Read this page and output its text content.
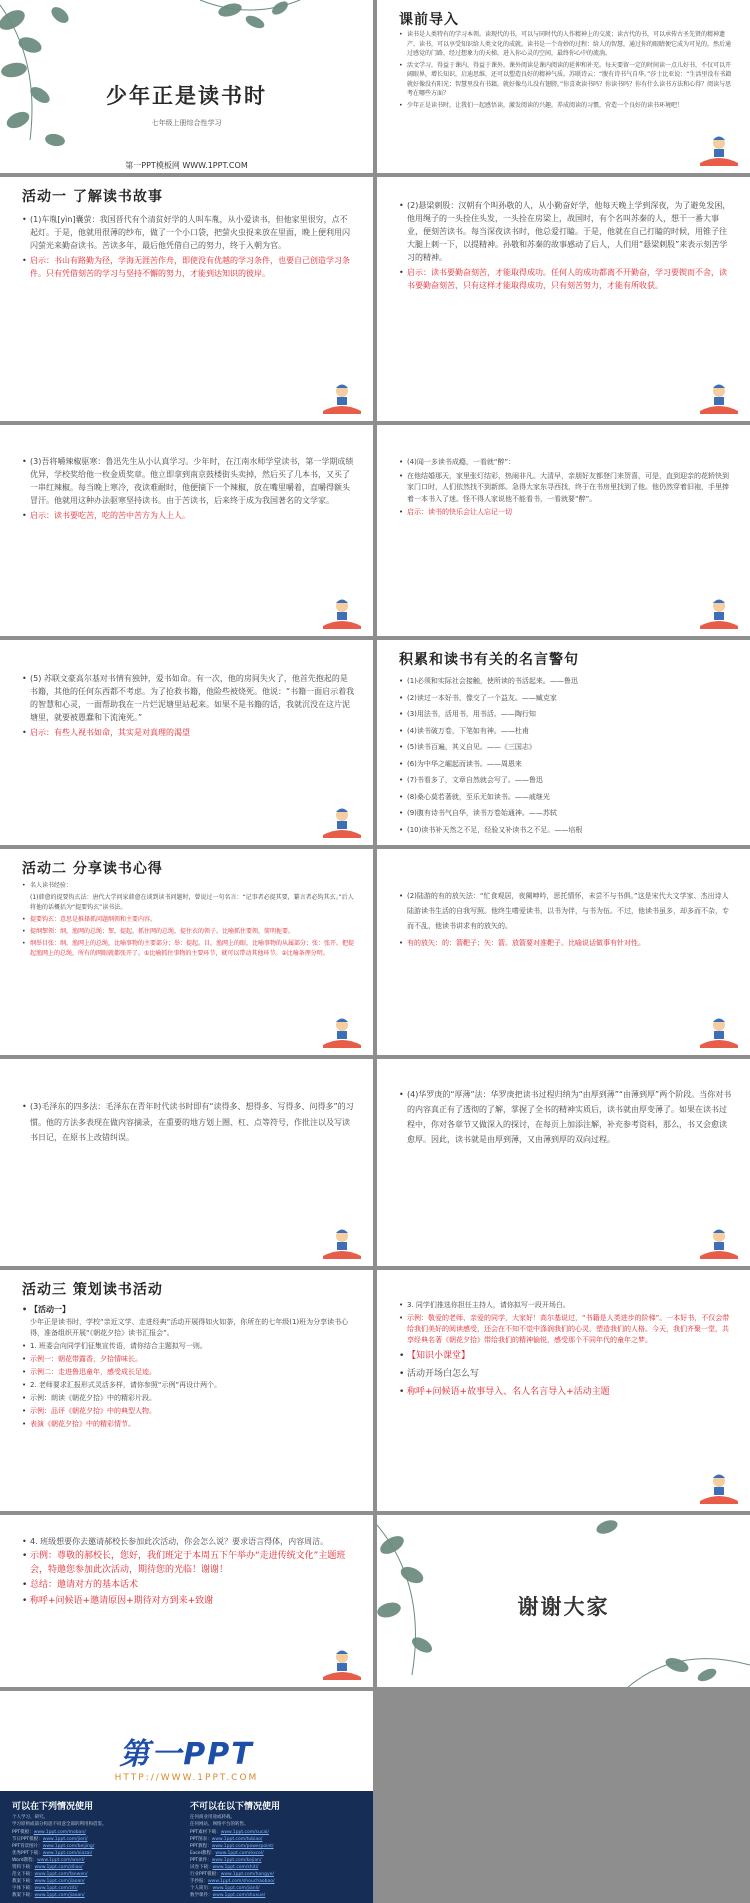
少年正是读书时
七年级上册综合性学习
第一PPT模板网 WWW.1PPT.COM
课前导入
• 读书是人类特有的学习本领。读现代的书，可以与同时代的人作精神上的交流；读古代的书，可以承传古圣先贤的精神遗产。读书，可以享受知识给人类文化的成就。读书是一个奇妙的过程：给人的智慧，通过你的眼睛便它成为可见的，然后通过感觉的门路，经过想象力的天梯，进入你心灵的空间，最终你心中的流淌。
• 活文学习，得益于课内，得益于课外。课外阅读是课内阅读的延伸和补充。每天要留一定的时间读一点儿好书，不仅可以开阔眼界，增长知识，启迪思维，还可以塑造良好的精神气质。苏联诗云：“腹有诗书气自华。”莎士比亚说：“生活里没有书籍就好像没有阳光；智慧里没有书籍，就好像鸟儿没有翅膀。”你喜欢读书吗？你读书吗？你有什么读书方法和心得？阅读与思考在哪些方面？
• 少年正是读书时，让我们一起感悟读，激发阅读的兴趣，养成阅读的习惯，营造一个良好的读书环境吧！
活动一 了解读书故事
• (1)车胤[yìn]囊萤：我国晋代有个清贫好学的人叫车胤，从小爱读书，但他家里很穷，点不起灯。于是，他就用很薄的纱布，做了一个小口袋，把萤火虫捉来放在里面，晚上便利用闪闪萤光来勤奋读书。苦读多年，最后他凭借自己的努力，终于入朝为官。
• 启示：书山有路勤为径，学海无涯苦作舟，即使没有优越的学习条件，也要自己创造学习条件。只有凭借刻苦的学习与坚持不懈的努力，才能到达知识的彼岸。
• (2)悬梁刺股：汉朝有个叫孙敬的人，从小勤奋好学，他每天晚上学到深夜，为了避免发困，他用绳子的一头拴住头发，一头拴在房梁上，战国时，有个名叫苏秦的人，想干一番大事业，便刻苦读书。每当深夜读书时，他总爱打瞌。于是，他就在自己打瞌的时候，用锥子往大腿上刺一下，以提精神。孙敬和苏秦的故事感动了后人，人们用“悬梁刺股”来表示刻苦学习的精神。
• 启示：读书要勤奋刻苦，才能取得成功。任何人的成功都离不开勤奋，学习要锲而不舍，读书要勤奋刻苦，只有这样才能取得成功，只有刻苦努力，才能有所收获。
• (3)吾将嚼辣椒驱寒：鲁迅先生从小认真学习。少年时，在江南水师学堂读书，第一学期成绩优异，学校奖给他一枚金质奖章。他立即拿到南京鼓楼街头卖掉，然后买了几本书，又买了一串红辣椒。每当晚上寒冷，夜读难耐时，他便摘下一个辣椒，放在嘴里嚼着，直嚼得额头冒汗。他就用这种办法驱寒坚持读书。由于苦读书，后来终于成为我国著名的文学家。
• 启示：读书要吃苦，吃的苦中苦方为人上人。
• (4)闻一多读书成瘾，一看就“醉”：
• 在他结婚那天，家里张灯结彩，热闹非凡。大清早，亲朋好友都登门来贺喜，可是，直到迎亲的花轿快到家门口时，人们依然找不到新郎。急得大家东寻西找，终于在书房里找到了他。他仍然穿着旧袍，手里捧着一本书入了迷。怪不得人家说他不能看书，一看就要“醉”。
• 启示：读书的快乐会让人忘记一切
• (5) 苏联文豪高尔基对书情有独钟，爱书如命。有一次，他的房间失火了，他首先抱起的是书籍，其他的任何东西都不考虑。为了抢救书籍，他险些被烧死。他说：“书籍一面启示着我的智慧和心灵，一面帮助我在一片烂泥塘里站起来。如果不是书籍的话，我就沉没在这片泥塘里，就要被愚蠢和下流淹死。”
• 启示：有些人视书如命，其实是对真理的渴望
积累和读书有关的名言警句
• (1)必须和实际社会接触，使所读的书活起来。——鲁迅
• (2)读过一本好书，像交了一个益友。——臧克家
• (3)用法书，活用书，用书活。——陶行知
• (4)读书破万卷，下笔如有神。——杜甫
• (5)读书百遍，其义自见。——《三国志》
• (6)为中华之崛起而读书。——周恩来
• (7)书看多了，文章自然就会写了。——鲁迅
• (8)桑心莫若著就，至乐无如读书。——戚继光
• (9)腹有诗书气自华，读书万卷始通神。——苏轼
• (10)读书补天然之不足，经验又补读书之不足。——培根
活动二 分享读书心得
• 名人读书经验：
(1)韩愈的提要钩玄法：唐代大学问家韩愈在谈到读书问题时，曾说过一句名言：“记事者必提其要，纂言者必钩其玄。”后人将他的话概括为“提要钩玄”读书法。
• 提要钩玄：意思是推择抓问题纲领和主要内容。
• 提纲挈领：纲，渔网的总绳；挈，提起。抓住网的总绳，提住衣的领子。比喻抓住要领，简明扼要。
• 纲举目张：纲，渔网上的总绳，比喻事物的主要部分；举：提起。目，渔网上的眼，比喻事物的从属部分；张：张开。把提起渔网上的总绳，所有的网眼就都张开了。①比喻抓住事物的主要环节，就可以带动其他环节。②比喻条理分明。
• (2)陆游的有的放矢法：“忙食观居，夜阑呻吟，思托情怀，未尝不与书俱。”这是宋代大文学家、杰出诗人陆游读书生活的自我写照。他终生嗜爱读书，以书为伴，与书为伍。不过，他读书虽多，却多而不杂，专而不乱，他读书讲求有的放矢的。
• 有的放矢：的：箭靶子；矢：箭。放箭要对准靶子。比喻说话做事有针对性。
• (3)毛泽东的四多法：毛泽东在青年时代读书时即有“读得多、想得多、写得多、问得多”的习惯。他的方法多表现在做内容摘录，在重要的地方划上圈、杠、点等符号，作批注以及写读书日记，在原书上改错纠误。
• (4)华罗庚的“厚薄”法：华罗庚把读书过程归纳为“由厚到薄”“由薄到厚”两个阶段。当你对书的内容真正有了透彻的了解，掌握了全书的精神实质后，读书就由厚变薄了。如果在读书过程中，你对各章节又做深入的探讨，在每页上加添注解，补充参考资料，那么，书又会愈读愈厚。因此，读书就是由厚到薄，又由薄到厚的双向过程。
活动三 策划读书活动
• 【活动一】
少年正是读书时，学校“亲近文学、走进经典”活动开展得如火如荼，你所在的七年级(1)班为分享读书心得，准备组织开展“《朝花夕拾》读书汇报会”。
• 1. 班委会向同学们征集宣传语，请你结合主题拟写一则。
• 示例一：朝花带露香，夕拾情味长。
• 示例二：走进鲁迅童年，感受成长足迹。
• 2. 老师要求汇报形式灵活多样，请你参照“示例”再设计两个。
• 示例：朗读《朝花夕拾》中的精彩片段。
• 示例：品评《朝花夕拾》中的典型人物。
• 表演《朝花夕拾》中的精彩情节。
• 3. 同学们推选你担任主持人，请你拟写一段开场白。
• 示例：敬爱的老师、亲爱的同学，大家好！高尔基说过，“书籍是人类进步的阶梯”。一本好书，不仅会带给我们美好的阅读感受，还会在不知不觉中涤润我们的心灵，塑造我们的人格。今天，我们齐聚一堂，共享经典名著《朝花夕拾》带给我们的精神愉悦，感受那个不同年代的童年之梦。
• 【知识小课堂】
• 活动开场白怎么写
• 称呼+问候语+故事导入、名人名言导入+活动主题
• 4. 班级想要你去邀请郝校长参加此次活动，你会怎么说？要求语言得体，内容周洁。
• 示例：尊敬的郝校长，您好，我们班定于本周五下午举办“走进传统文化”主题班会，特邀您参加此次活动，期待您的光临！谢谢！
• 总结：邀请对方的基本话术
• 称呼+问候语+邀请原因+期待对方到来+致谢	谢谢大家
第一PPT
HTTP://WWW.1PPT.COM
可以在下列情况使用

个人学习、研究。

学习原则或部分构思不同意全部的利用和借鉴。

不可以在以下情况使用

任何商业用途或转载。

任何网站、网络平台的转售。

PPT模板：www.1ppt.com/moban/
节日PPT模板：www.1ppt.com/jieri/
PPT背景图片：www.1ppt.com/beijing/
优秀PPT下载：www.1ppt.com/xiazai/
Word教程：www.1ppt.com/word/
资料下载：www.1ppt.com/ziliao/
范文下载：www.1ppt.com/fanwen/
教案下载：www.1ppt.com/jiaoan/
字体下载：www.1ppt.com/ziti/
教案下载：www.1ppt.com/jiaoan/
PPT素材下载：www.1ppt.com/sucai/
PPT图表：www.1ppt.com/tubiao/
PPT教程：www.1ppt.com/powerpoint/
Excel教程：www.1ppt.com/excel/
PPT课件：www.1ppt.com/kejian/
试卷下载：www.1ppt.com/shiti/
行业PPT模板：www.1ppt.com/hangye/
手抄报：www.1ppt.com/shouchaobao/
个人简历：www.1ppt.com/jianli/
数学课件：www.1ppt.com/shuxue/
